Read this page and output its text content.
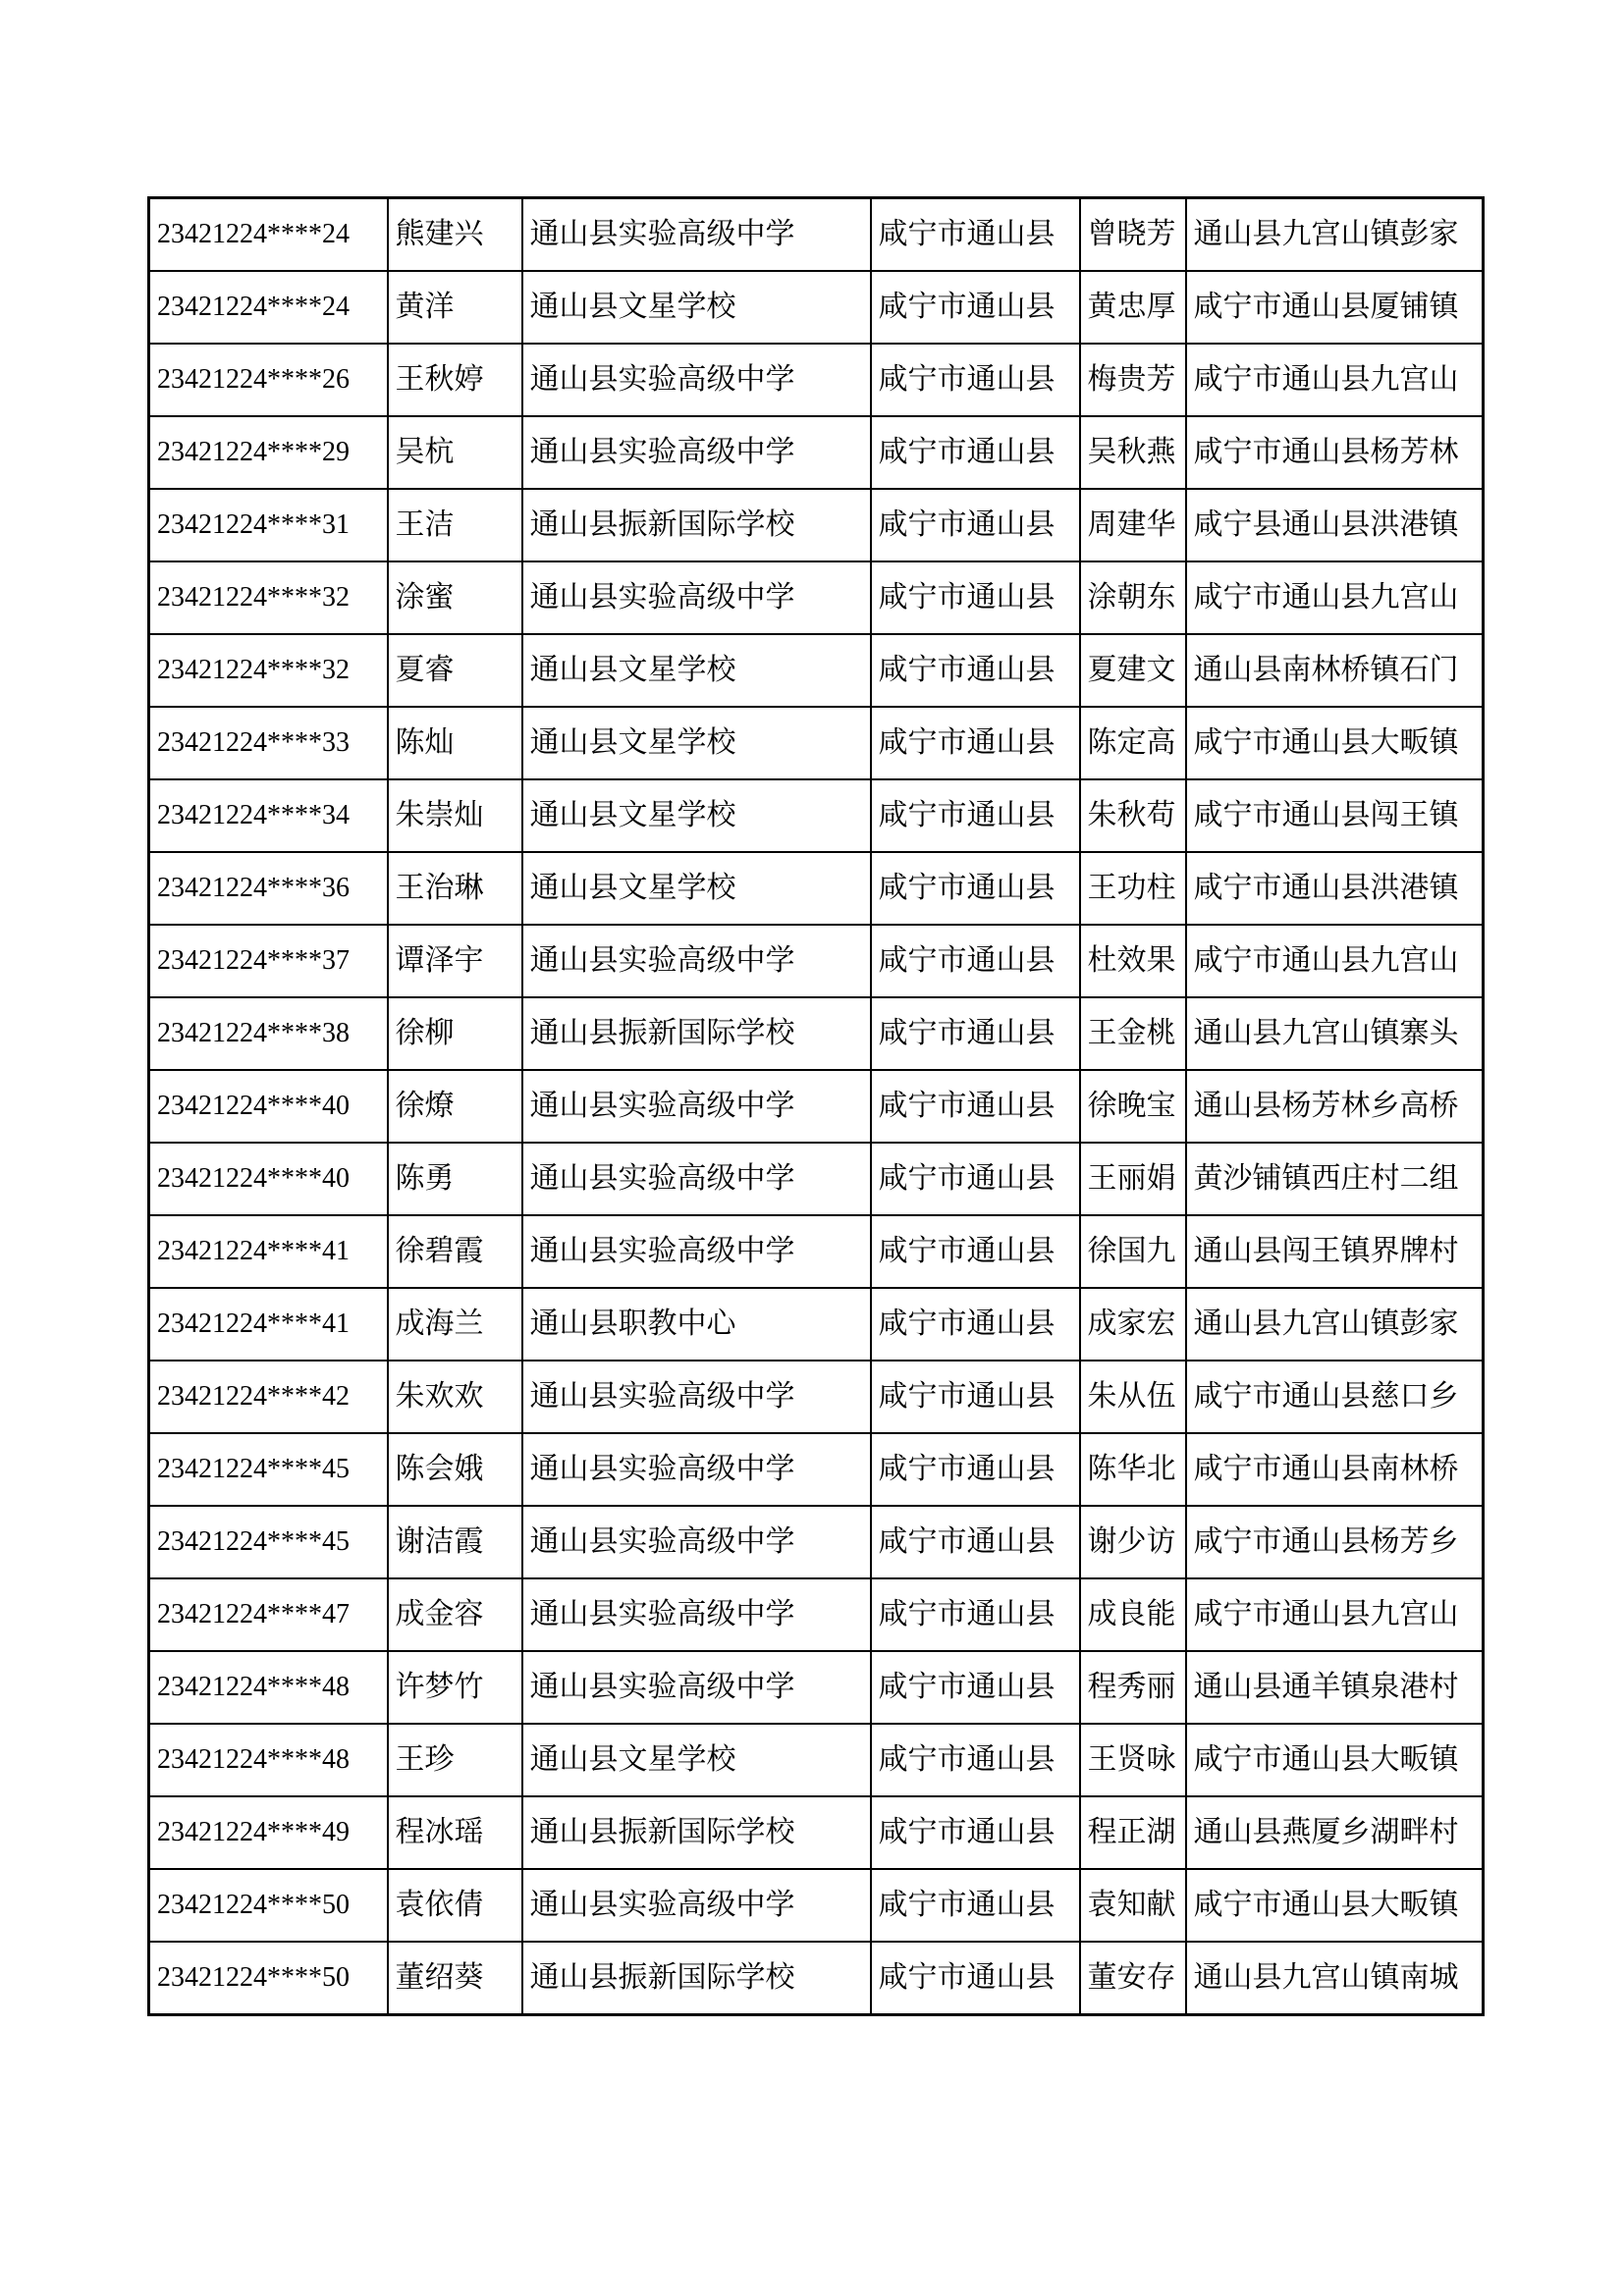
23421224****24	熊建兴	通山县实验高级中学	咸宁市通山县	曾晓芳	通山县九宫山镇彭家
23421224****24	黄洋	通山县文星学校	咸宁市通山县	黄忠厚	咸宁市通山县厦铺镇
23421224****26	王秋婷	通山县实验高级中学	咸宁市通山县	梅贵芳	咸宁市通山县九宫山
23421224****29	吴杭	通山县实验高级中学	咸宁市通山县	吴秋燕	咸宁市通山县杨芳林
23421224****31	王洁	通山县振新国际学校	咸宁市通山县	周建华	咸宁县通山县洪港镇
23421224****32	涂蜜	通山县实验高级中学	咸宁市通山县	涂朝东	咸宁市通山县九宫山
23421224****32	夏睿	通山县文星学校	咸宁市通山县	夏建文	通山县南林桥镇石门
23421224****33	陈灿	通山县文星学校	咸宁市通山县	陈定高	咸宁市通山县大畈镇
23421224****34	朱崇灿	通山县文星学校	咸宁市通山县	朱秋苟	咸宁市通山县闯王镇
23421224****36	王治琳	通山县文星学校	咸宁市通山县	王功柱	咸宁市通山县洪港镇
23421224****37	谭泽宇	通山县实验高级中学	咸宁市通山县	杜效果	咸宁市通山县九宫山
23421224****38	徐柳	通山县振新国际学校	咸宁市通山县	王金桃	通山县九宫山镇寨头
23421224****40	徐燎	通山县实验高级中学	咸宁市通山县	徐晚宝	通山县杨芳林乡高桥
23421224****40	陈勇	通山县实验高级中学	咸宁市通山县	王丽娟	黄沙铺镇西庄村二组
23421224****41	徐碧霞	通山县实验高级中学	咸宁市通山县	徐国九	通山县闯王镇界牌村
23421224****41	成海兰	通山县职教中心	咸宁市通山县	成家宏	通山县九宫山镇彭家
23421224****42	朱欢欢	通山县实验高级中学	咸宁市通山县	朱从伍	咸宁市通山县慈口乡
23421224****45	陈会娥	通山县实验高级中学	咸宁市通山县	陈华北	咸宁市通山县南林桥
23421224****45	谢洁霞	通山县实验高级中学	咸宁市通山县	谢少访	咸宁市通山县杨芳乡
23421224****47	成金容	通山县实验高级中学	咸宁市通山县	成良能	咸宁市通山县九宫山
23421224****48	许梦竹	通山县实验高级中学	咸宁市通山县	程秀丽	通山县通羊镇泉港村
23421224****48	王珍	通山县文星学校	咸宁市通山县	王贤咏	咸宁市通山县大畈镇
23421224****49	程冰瑶	通山县振新国际学校	咸宁市通山县	程正湖	通山县燕厦乡湖畔村
23421224****50	袁依倩	通山县实验高级中学	咸宁市通山县	袁知献	咸宁市通山县大畈镇
23421224****50	董绍葵	通山县振新国际学校	咸宁市通山县	董安存	通山县九宫山镇南城
